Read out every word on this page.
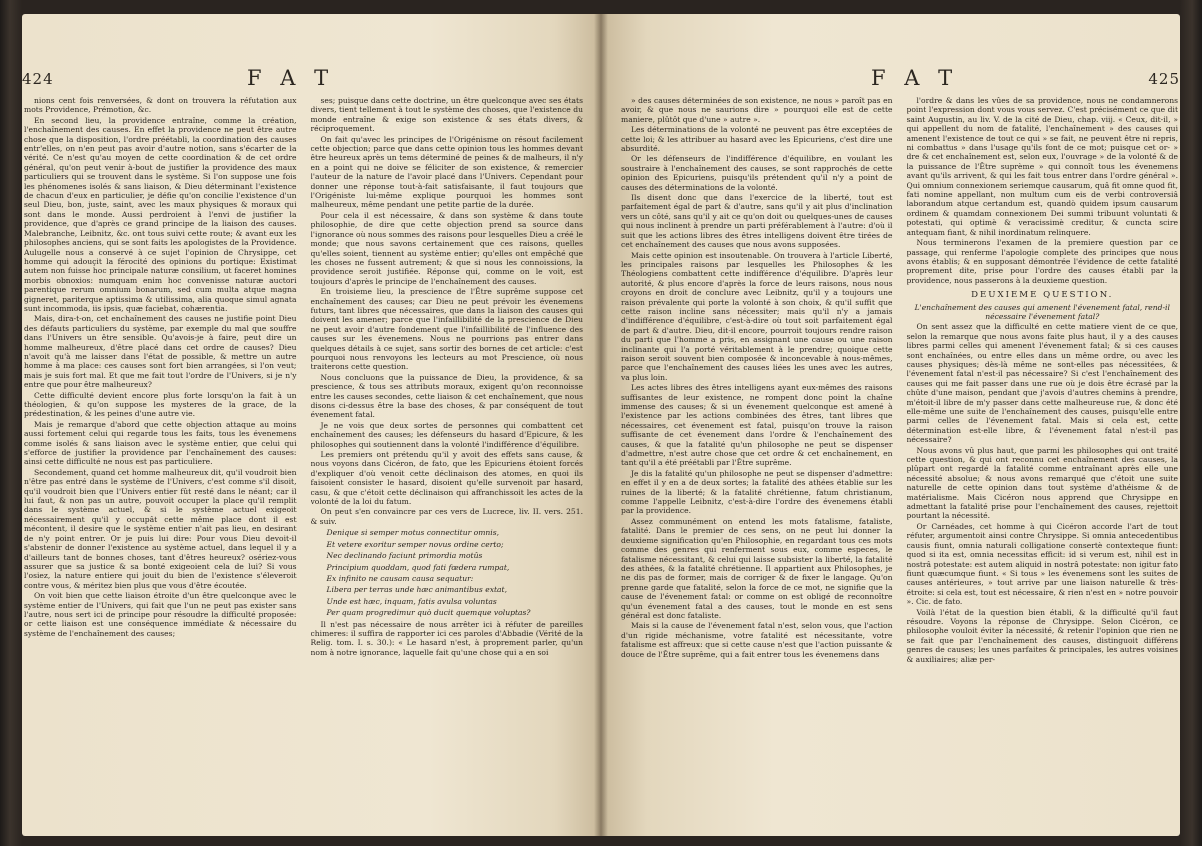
424	F A T

nions cent fois renversées, & dont on trouvera la réfutation aux mots Providence, Prémotion, &c.

En second lieu, la providence entraîne, comme la création, l'enchaînement des causes. En effet la providence ne peut être autre chose que la disposition, l'ordre préétabli, la coordination des causes entr'elles, on n'en peut pas avoir d'autre notion, sans s'écarter de la vérité. Ce n'est qu'au moyen de cette coordination & de cet ordre général, qu'on peut venir à-bout de justifier la providence des maux particuliers qui se trouvent dans le système. Si l'on suppose une fois les phénomenes isolés & sans liaison, & Dieu déterminant l'existence de chacun d'eux en particulier, je défie qu'on concilie l'existence d'un seul Dieu, bon, juste, saint, avec les maux physiques & moraux qui sont dans le monde. Aussi perdroient à l'envi de justifier la providence, que d'après ce grand principe de la liaison des causes. Malebranche, Leibnitz, &c. ont tous suivi cette route; & avant eux les philosophes anciens, qui se sont faits les apologistes de la Providence. Aulugelle nous a conservé à ce sujet l'opinion de Chrysippe, cet homme qui adouçit la férocité des opinions du portique: Existimat autem non fuisse hoc principale naturæ consilium, ut faceret homines morbis obnoxios: numquam enim hoc convenisse naturæ auctori parentique rerum omnium bonarum, sed cum multa atque magna gigneret, pariterque aptissima & utilissima, alia quoque simul agnata sunt incommoda, iis ipsis, quæ faciebat, cohærentia.

Mais, dira-t-on, cet enchaînement des causes ne justifie point Dieu des défauts particuliers du système, par exemple du mal que souffre dans l'Univers un être sensible. Qu'avois-je à faire, peut dire un homme malheureux, d'être placé dans cet ordre de causes? Dieu n'avoit qu'à me laisser dans l'état de possible, & mettre un autre homme à ma place: ces causes sont fort bien arrangées, si l'on veut; mais je suis fort mal. Et que me fait tout l'ordre de l'Univers, si je n'y entre que pour être malheureux?

Cette difficulté devient encore plus forte lorsqu'on la fait à un théologien, & qu'on suppose les mysteres de la grace, de la prédestination, & les peines d'une autre vie.

Mais je remarque d'abord que cette objection attaque au moins aussi fortement celui qui regarde tous les faits, tous les évenemens comme isolés & sans liaison avec le système entier, que celui qui s'efforce de justifier la providence par l'enchaînement des causes: ainsi cette difficulté ne nous est pas particuliere.

Secondement, quand cet homme malheureux dit, qu'il voudroit bien n'être pas entré dans le système de l'Univers, c'est comme s'il disoit, qu'il voudroit bien que l'Univers entier fût resté dans le néant; car il lui faut, & non pas un autre, pouvoit occuper la place qu'il remplit dans le système actuel, & si le système actuel exigeoit nécessairement qu'il y occupât cette même place dont il est mécontent, il desire que le système entier n'ait pas lieu, en desirant de n'y point entrer. Or je puis lui dire: Pour vous Dieu devoit-il s'abstenir de donner l'existence au système actuel, dans lequel il y a d'ailleurs tant de bonnes choses, tant d'êtres heureux? osériez-vous assurer que sa justice & sa bonté exigeoient cela de lui? Si vous l'osiez, la nature entiere qui jouit du bien de l'existence s'éleveroit contre vous, & méritez bien plus que vous d'être écoutée.

On voit bien que cette liaison étroite d'un être quelconque avec le système entier de l'Univers, qui fait que l'un ne peut pas exister sans l'autre, nous sert ici de principe pour résoudre la difficulté proposée: or cette liaison est une conséquence immédiate & nécessaire du système de l'enchaînement des causes;

ses; puisque dans cette doctrine, un être quelconque avec ses états divers, tient tellement à tout le système des choses, que l'existence du monde entraîne & exige son existence & ses états divers, & réciproquement.

On fait qu'avec les principes de l'Origénisme on résout facilement cette objection; parce que dans cette opinion tous les hommes devant être heureux après un tems déterminé de peines & de malheurs, il n'y en a point qui ne doive se féliciter de son existence, & remercier l'auteur de la nature de l'avoir placé dans l'Univers. Cependant pour donner une réponse tout-à-fait satisfaisante, il faut toujours que l'Origéniste lui-même explique pourquoi les hommes sont malheureux, même pendant une petite partie de la durée.

Pour cela il est nécessaire, & dans son système & dans toute philosophie, de dire que cette objection prend sa source dans l'ignorance où nous sommes des raisons pour lesquelles Dieu a créé le monde; que nous savons certainement que ces raisons, quelles qu'elles soient, tiennent au système entier; qu'elles ont empêché que les choses ne fussent autrement; & que si nous les connoissions, la providence seroit justifiée. Réponse qui, comme on le voit, est toujours d'après le principe de l'enchaînement des causes.

En troisieme lieu, la prescience de l'Être suprême suppose cet enchaînement des causes; car Dieu ne peut prévoir les évenemens futurs, tant libres que nécessaires, que dans la liaison des causes qui doivent les amener; parce que l'infaillibilité de la prescience de Dieu ne peut avoir d'autre fondement que l'infaillibilité de l'influence des causes sur les évenemens. Nous ne pourrions pas entrer dans quelques détails à ce sujet, sans sortir des bornes de cet article: c'est pourquoi nous renvoyons les lecteurs au mot Prescience, où nous traiterons cette question.

Nous concluons que la puissance de Dieu, la providence, & sa prescience, & tous ses attributs moraux, exigent qu'on reconnoisse entre les causes secondes, cette liaison & cet enchaînement, que nous disons ci-dessus être la base des choses, & par conséquent de tout évenement fatal.

Je ne vois que deux sortes de personnes qui combattent cet enchaînement des causes; les défenseurs du hasard d'Epicure, & les philosophes qui soutiennent dans la volonté l'indifférence d'équilibre.

Les premiers ont prétendu qu'il y avoit des effets sans cause, & nous voyons dans Cicéron, de fato, que les Epicuriens étoient forcés d'expliquer d'où venoit cette déclinaison des atomes, en quoi ils faisoient consister le hasard, disoient qu'elle survenoit par hasard, casu, & que c'étoit cette déclinaison qui affranchissoit les actes de la volonté de la loi du fatum.

On peut s'en convaincre par ces vers de Lucrece, liv. II. vers. 251. & suiv.

Denique si semper motus connectitur omnis,
Et vetere exoritur semper novus ordine certo;
Nec declinando faciunt primordia motûs
Principium quoddam, quod fati fœdera rumpat,
Ex infinito ne causam causa sequatur:
Libera per terras unde hæc animantibus extat,
Unde est hæc, inquam, fatis avulsa voluntas
Per quam progredimur quò ducit quemque voluptas?

Il n'est pas nécessaire de nous arrêter ici à réfuter de pareilles chimeres: il suffira de rapporter ici ces paroles d'Abbadie (Vérité de la Relig. tom. I. s. 30.): « Le hasard n'est, à proprement parler, qu'un nom à notre ignorance, laquelle fait qu'une chose qui a en soi

F A T	425

» des causes déterminées de son existence, ne nous » paroît pas en avoir, & que nous ne saurions dire » pourquoi elle est de cette maniere, plûtôt que d'une » autre ».

Les déterminations de la volonté ne peuvent pas être exceptées de cette loi; & les attribuer au hasard avec les Epicuriens, c'est dire une absurdité.

Or les défenseurs de l'indifférence d'équilibre, en voulant les soustraire à l'enchaînement des causes, se sont rapprochés de cette opinion des Epicuriens, puisqu'ils prétendent qu'il n'y a point de causes des déterminations de la volonté.

Ils disent donc que dans l'exercice de la liberté, tout est parfaitement égal de part & d'autre, sans qu'il y ait plus d'inclination vers un côté, sans qu'il y ait ce qu'on doit ou quelques-unes de causes qui nous inclinent à prendre un parti préférablement à l'autre: d'où il suit que les actions libres des êtres intelligens doivent être tirées de cet enchaînement des causes que nous avons supposées.

Mais cette opinion est insoutenable. On trouvera à l'article Liberté, les principales raisons par lesquelles les Philosophes & les Théologiens combattent cette indifférence d'équilibre. D'après leur autorité, & plus encore d'après la force de leurs raisons, nous nous croyons en droit de conclure avec Leibnitz, qu'il y a toujours une raison prévalente qui porte la volonté à son choix, & qu'il suffit que cette raison incline sans nécessiter; mais qu'il n'y a jamais d'indifférence d'équilibre, c'est-à-dire où tout soit parfaitement égal de part & d'autre. Dieu, dit-il encore, pourroit toujours rendre raison du parti que l'homme a pris, en assignant une cause ou une raison inclinante qui l'a porté véritablement à le prendre; quoique cette raison seroit souvent bien composée & inconcevable à nous-mêmes, parce que l'enchaînement des causes liées les unes avec les autres, va plus loin.

Les actes libres des êtres intelligens ayant eux-mêmes des raisons suffisantes de leur existence, ne rompent donc point la chaîne immense des causes; & si un évenement quelconque est amené à l'existence par les actions combinées des êtres, tant libres que nécessaires, cet évenement est fatal, puisqu'on trouve la raison suffisante de cet évenement dans l'ordre & l'enchaînement des causes, & que la fatalité qu'un philosophe ne peut se dispenser d'admettre, n'est autre chose que cet ordre & cet enchaînement, en tant qu'il a été préétabli par l'Être suprême.

Je dis la fatalité qu'un philosophe ne peut se dispenser d'admettre: en effet il y en a de deux sortes; la fatalité des athées établie sur les ruines de la liberté; & la fatalité chrétienne, fatum christianum, comme l'appelle Leibnitz, c'est-à-dire l'ordre des évenemens établi par la providence.

Assez communément on entend les mots fatalisme, fataliste, fatalité. Dans le premier de ces sens, on ne peut lui donner la deuxieme signification qu'en Philosophie, en regardant tous ces mots comme des genres qui renferment sous eux, comme especes, le fatalisme nécessitant, & celui qui laisse subsister la liberté, la fatalité des athées, & la fatalité chrétienne. Il appartient aux Philosophes, je ne dis pas de former, mais de corriger & de fixer le langage. Qu'on prenne garde que fatalité, selon la force de ce mot, ne signifie que la cause de l'évenement fatal: or comme on est obligé de reconnoître qu'un évenement fatal a des causes, tout le monde en est sens général est donc fataliste.

Mais si la cause de l'évenement fatal n'est, selon vous, que l'action d'un rigide méchanisme, votre fatalité est nécessitante, votre fatalisme est affreux: que si cette cause n'est que l'action puissante & douce de l'Être suprême, qui a fait entrer tous les évenemens dans

l'ordre & dans les vûes de sa providence, nous ne condamnerons point l'expression dont vous vous servez. C'est précisément ce que dit saint Augustin, au liv. V. de la cité de Dieu, chap. viij. « Ceux, dit-il, » qui appellent du nom de fatalité, l'enchaînement » des causes qui amenent l'existence de tout ce qui » se fait, ne peuvent être ni repris, ni combattus » dans l'usage qu'ils font de ce mot; puisque cet or- » dre & cet enchaînement est, selon eux, l'ouvrage » de la volonté & de la puissance de l'Être suprème » qui connoît tous les évenemens avant qu'ils arrivent, & qui les fait tous entrer dans l'ordre général ». Qui omnium connexionem seriemque causarum, quâ fit omne quod fit, fati nomine appellant, non multum cum eis de verbi controversiâ laborandum atque certandum est, quandò quidem ipsum causarum ordinem & quamdam connexionem Dei summi tribuunt voluntati & potestati, qui optimè & veracissimè creditur, & cuncta scire antequam fiant, & nihil inordinatum relinquere.

Nous terminerons l'examen de la premiere question par ce passage, qui renferme l'apologie complete des principes que nous avons établis; & en supposant démontrée l'évidence de cette fatalité proprement dite, prise pour l'ordre des causes établi par la providence, nous passerons à la deuxieme question.

DEUXIEME QUESTION.

L'enchaînement des causes qui amenent l'évenement fatal, rend-il nécessaire l'évenement fatal?

On sent assez que la difficulté en cette matiere vient de ce que, selon la remarque que nous avons faite plus haut, il y a des causes libres parmi celles qui amenent l'évenement fatal; & si ces causes sont enchaînées, ou entre elles dans un même ordre, ou avec les causes physiques; dès-là même ne sont-elles pas nécessitées, & l'évenement fatal n'est-il pas nécessaire? Si c'est l'enchaînement des causes qui me fait passer dans une rue où je dois être écrasé par la chûte d'une maison, pendant que j'avois d'autres chemins à prendre, m'étoit-il libre de m'y passer dans cette malheureuse rue, & donc été elle-même une suite de l'enchaînement des causes, puisqu'elle entre parmi celles de l'évenement fatal. Mais si cela est, cette détermination est-elle libre, & l'évenement fatal n'est-il pas nécessaire?

Nous avons vû plus haut, que parmi les philosophes qui ont traité cette question, & qui ont reconnu cet enchaînement des causes, la plûpart ont regardé la fatalité comme entraînant après elle une nécessité absolue; & nous avons remarqué que c'étoit une suite naturelle de cette opinion dans tout système d'athéisme & de matérialisme. Mais Cicéron nous apprend que Chrysippe en admettant la fatalité prise pour l'enchaînement des causes, rejettoit pourtant la nécessité.

Or Carnéades, cet homme à qui Cicéron accorde l'art de tout réfuter, argumentoit ainsi contre Chrysippe. Si omnia antecedentibus causis fiunt, omnia naturali colligatione consertè contexteque fiunt: quod si ita est, omnia necessitas efficit: id si verum est, nihil est in nostrâ potestate: est autem aliquid in nostrâ potestate: non igitur fato fiunt quæcumque fiunt. « Si tous » les évenemens sont les suites de causes antérieures, » tout arrive par une liaison naturelle & très-étroite: si cela est, tout est nécessaire, & rien n'est en » notre pouvoir ». Cic. de fato.

Voilà l'état de la question bien établi, & la difficulté qu'il faut résoudre. Voyons la réponse de Chrysippe. Selon Cicéron, ce philosophe vouloit éviter la nécessité, & retenir l'opinion que rien ne se fait que par l'enchaînement des causes, distinguoit différens genres de causes; les unes parfaites & principales, les autres voisines & auxiliaires; aliæ per-
